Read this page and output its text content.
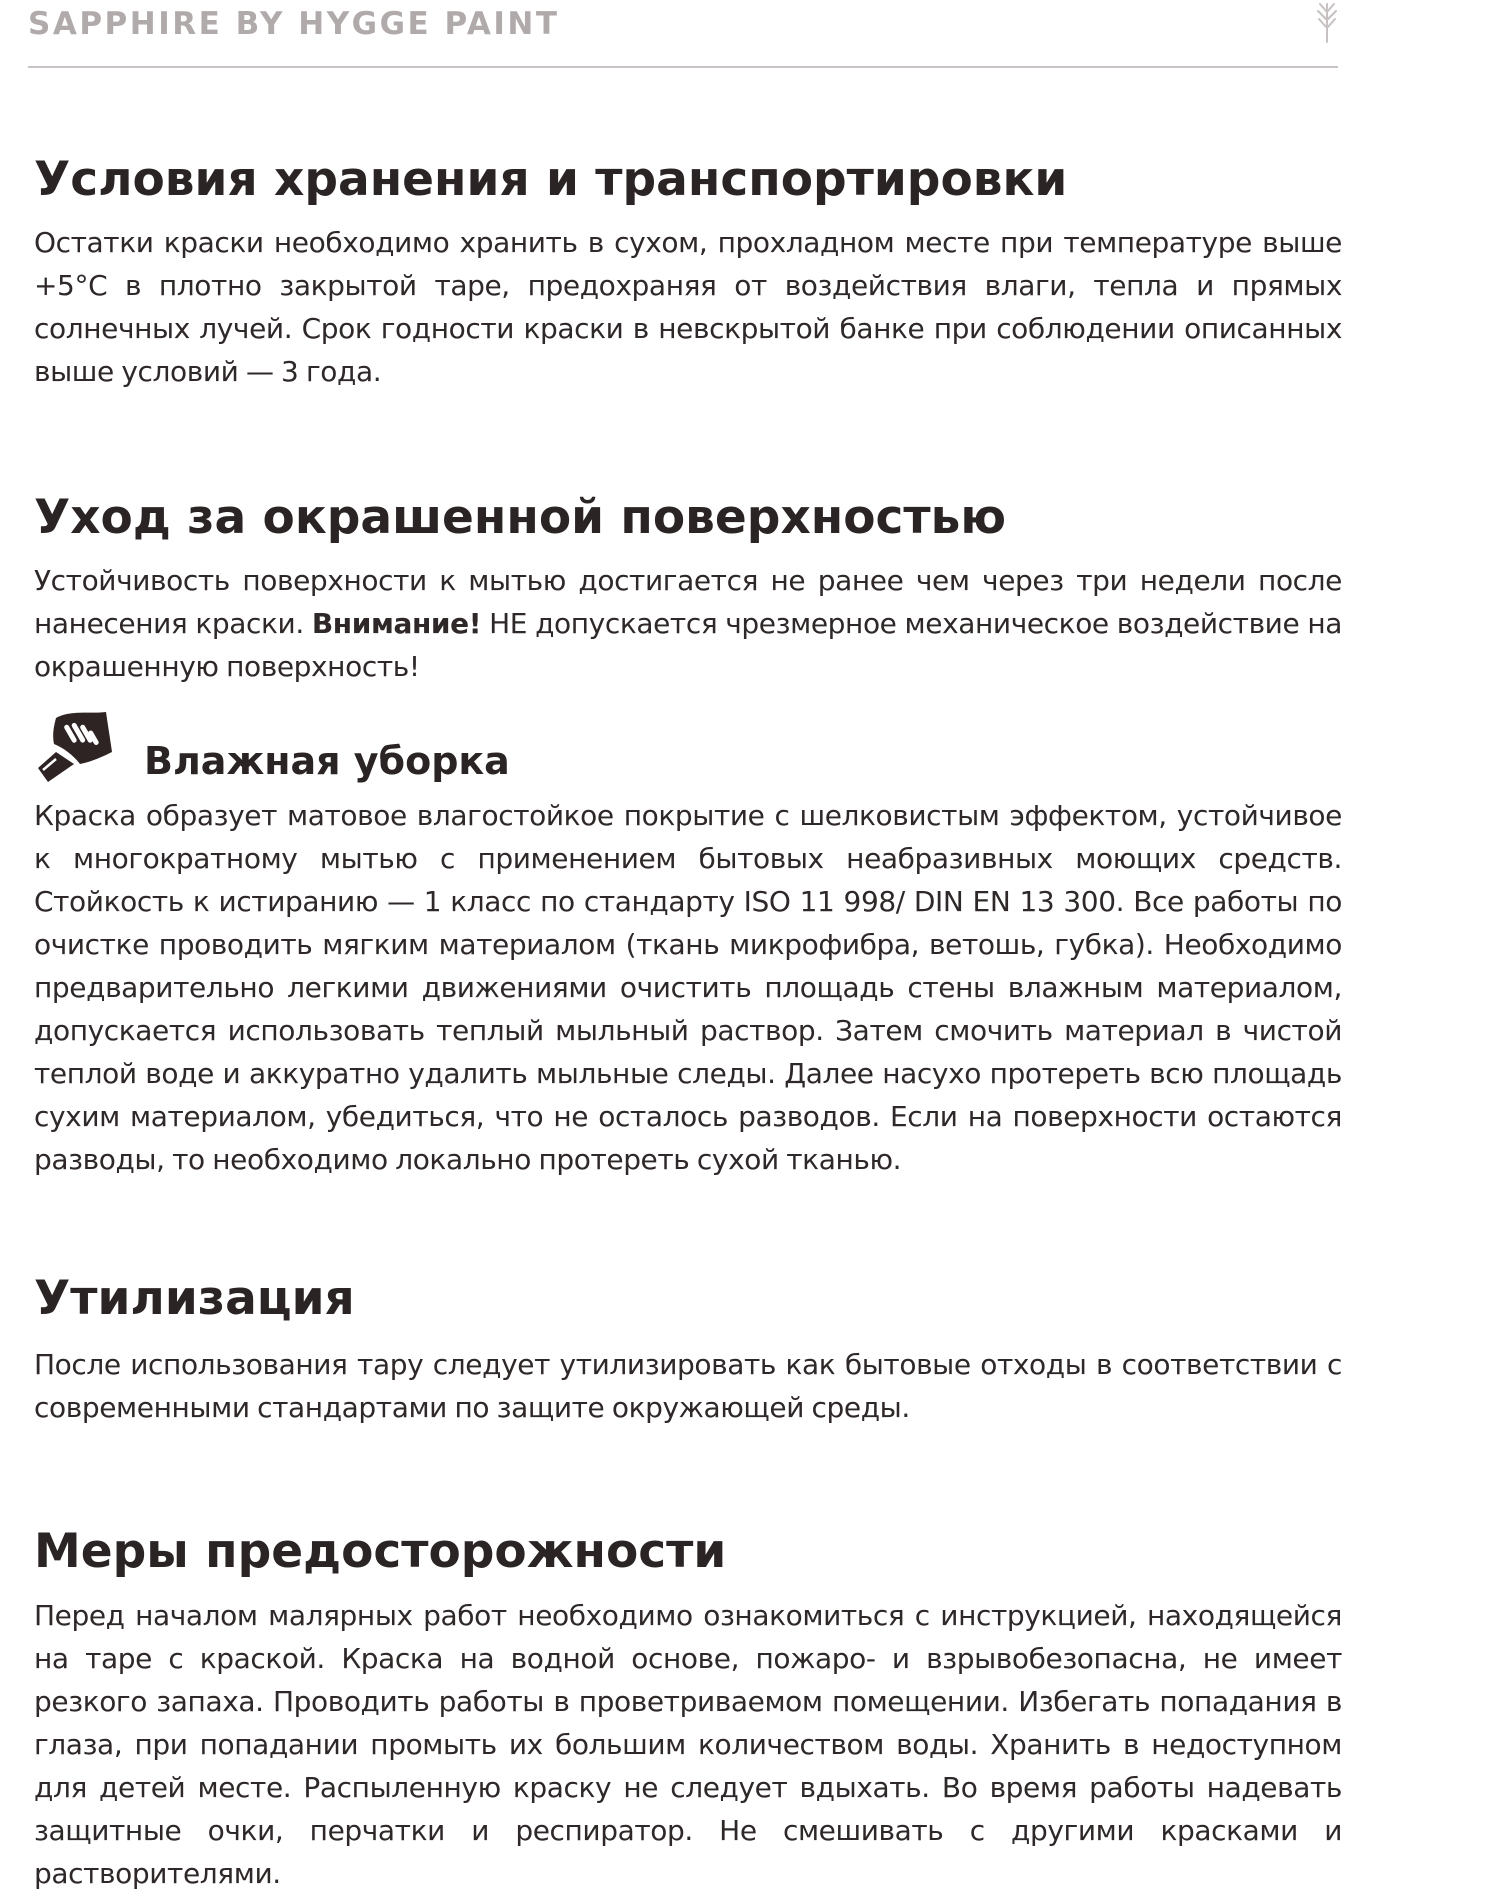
SAPPHIRE BY HYGGE PAINT
Условия хранения и транспортировки

Остатки краски необходимо хранить в сухом, прохладном месте при температуре выше +5°С в плотно закрытой таре, предохраняя от воздействия влаги, тепла и прямых солнечных лучей. Срок годности краски в невскрытой банке при соблюдении описанных выше условий — 3 года.

Уход за окрашенной поверхностью

Устойчивость поверхности к мытью достигается не ранее чем через три недели после нанесения краски. Внимание! НЕ допускается чрезмерное механическое воздействие на окрашенную поверхность!

Влажная уборка

Краска образует матовое влагостойкое покрытие с шелковистым эффектом, устойчивое к многократному мытью с применением бытовых неабразивных моющих средств. Стойкость к истиранию — 1 класс по стандарту ISO 11 998/ DIN EN 13 300. Все работы по очистке проводить мягким материалом (ткань микрофибра, ветошь, губка). Необходимо предварительно легкими движениями очистить площадь стены влажным материалом, допускается использовать теплый мыльный раствор. Затем смочить материал в чистой теплой воде и аккуратно удалить мыльные следы. Далее насухо протереть всю площадь сухим материалом, убедиться, что не осталось разводов. Если на поверхности остаются разводы, то необходимо локально протереть сухой тканью.

Утилизация

После использования тару следует утилизировать как бытовые отходы в соответствии с современными стандартами по защите окружающей среды.

Меры предосторожности

Перед началом малярных работ необходимо ознакомиться с инструкцией, находящейся на таре с краской. Краска на водной основе, пожаро- и взрывобезопасна, не имеет резкого запаха. Проводить работы в проветриваемом помещении. Избегать попадания в глаза, при попадании промыть их большим количеством воды. Хранить в недоступном для детей месте. Распыленную краску не следует вдыхать. Во время работы надевать защитные очки, перчатки и респиратор. Не смешивать с другими красками и растворителями.
